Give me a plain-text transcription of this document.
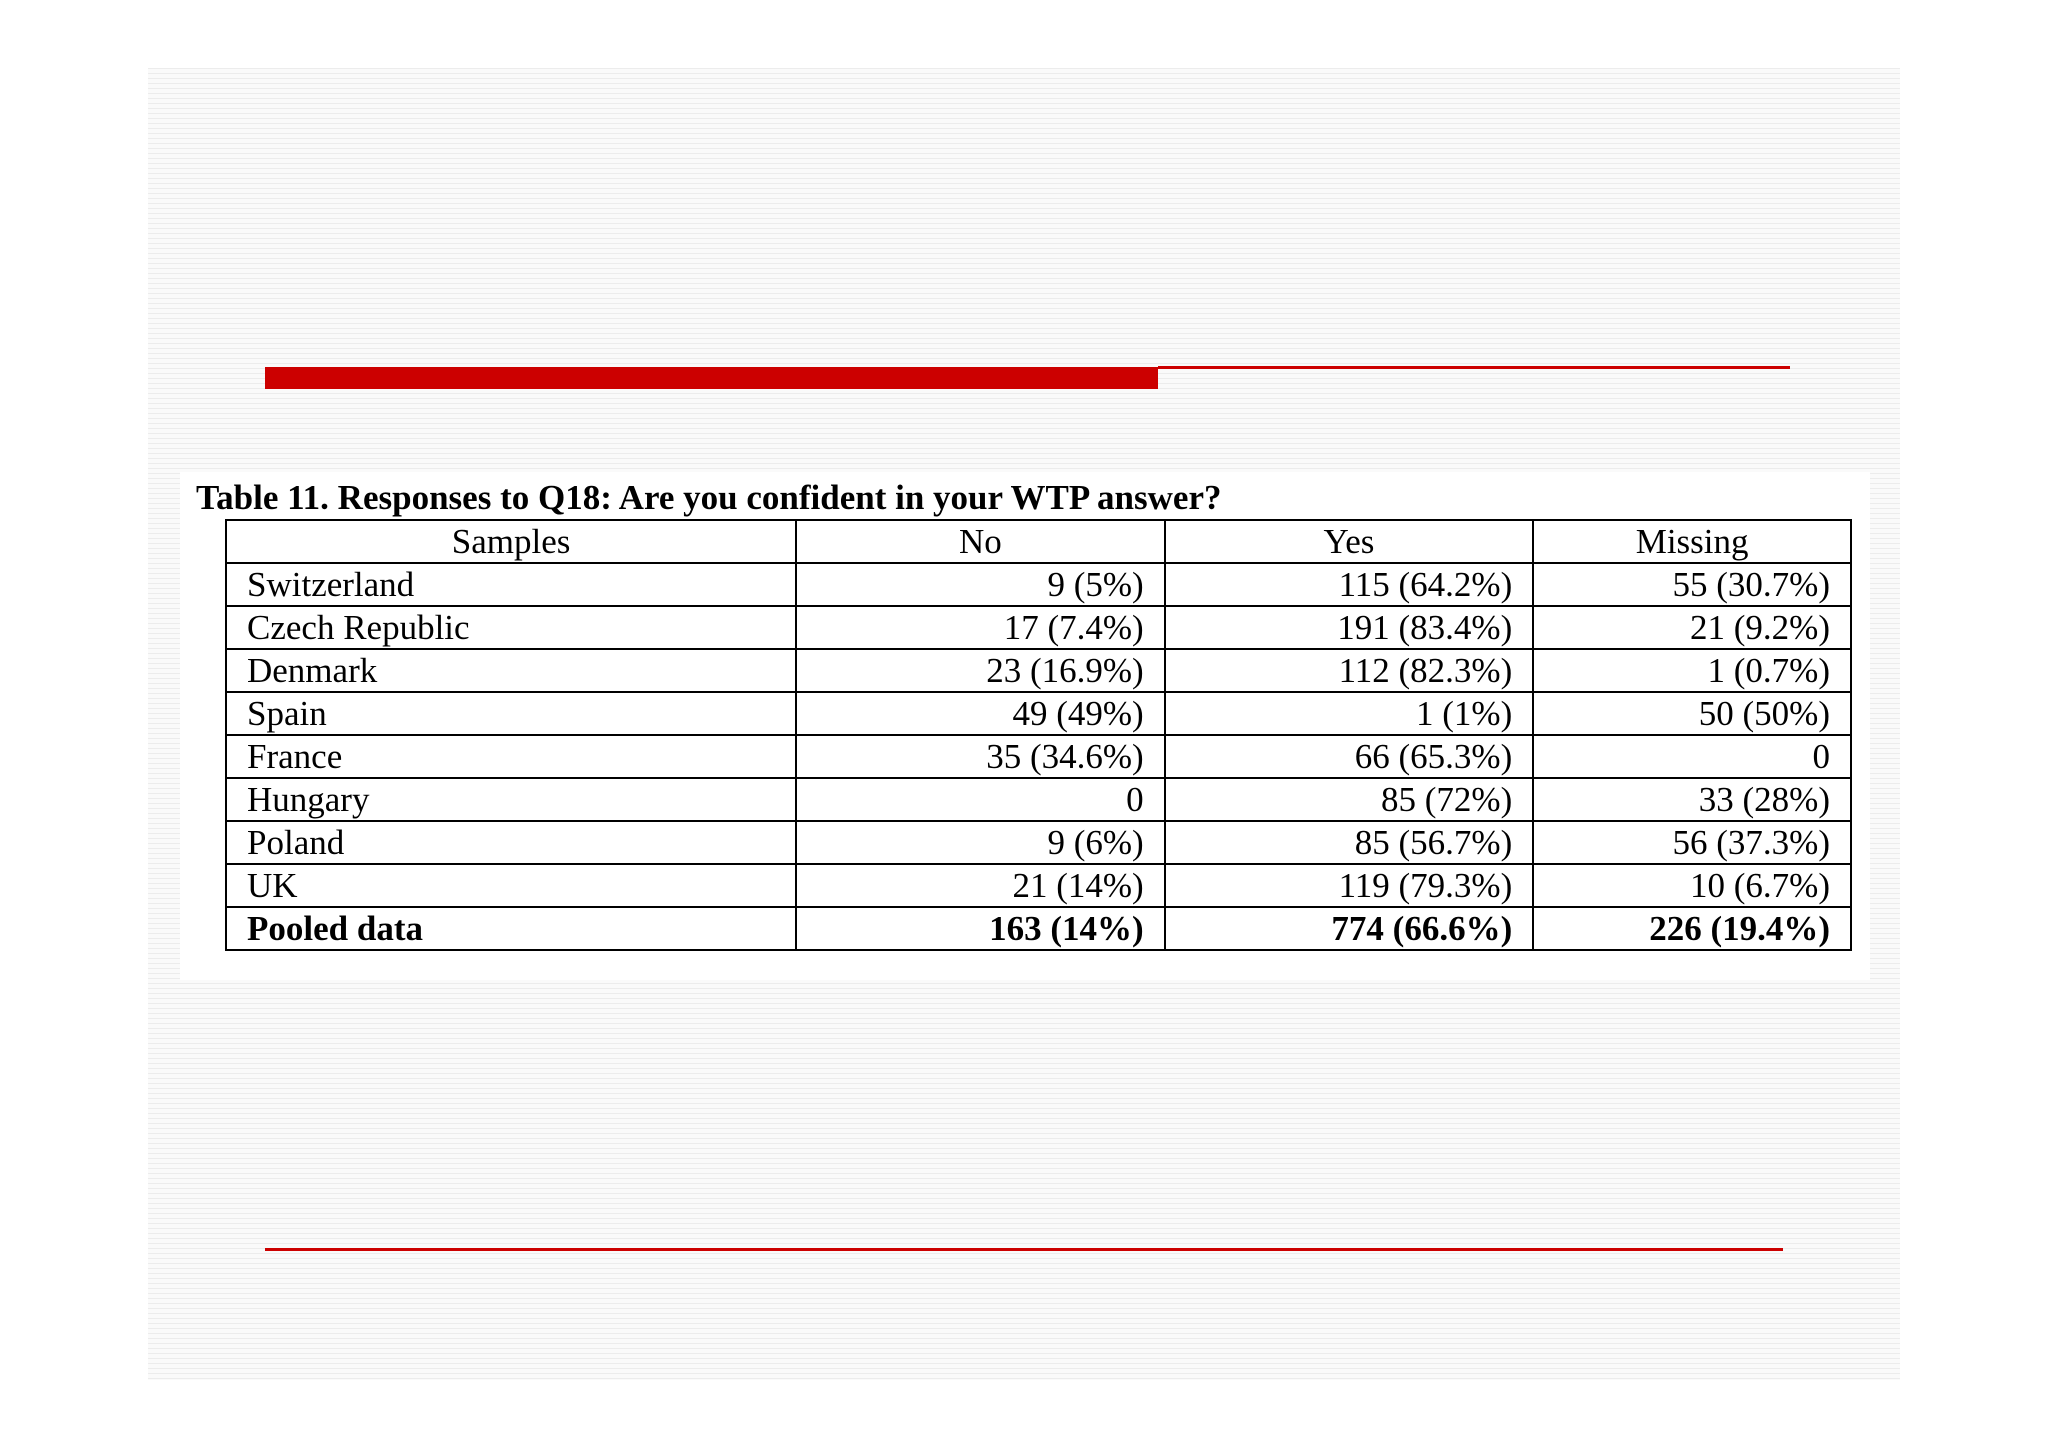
Table 11. Responses to Q18: Are you confident in your WTP answer?
Samples	No	Yes	Missing
Switzerland	9 (5%)	115 (64.2%)	55 (30.7%)
Czech Republic	17 (7.4%)	191 (83.4%)	21 (9.2%)
Denmark	23 (16.9%)	112 (82.3%)	1 (0.7%)
Spain	49 (49%)	1 (1%)	50 (50%)
France	35 (34.6%)	66 (65.3%)	0
Hungary	0	85 (72%)	33 (28%)
Poland	9 (6%)	85 (56.7%)	56 (37.3%)
UK	21 (14%)	119 (79.3%)	10 (6.7%)
Pooled data	163 (14%)	774 (66.6%)	226 (19.4%)
